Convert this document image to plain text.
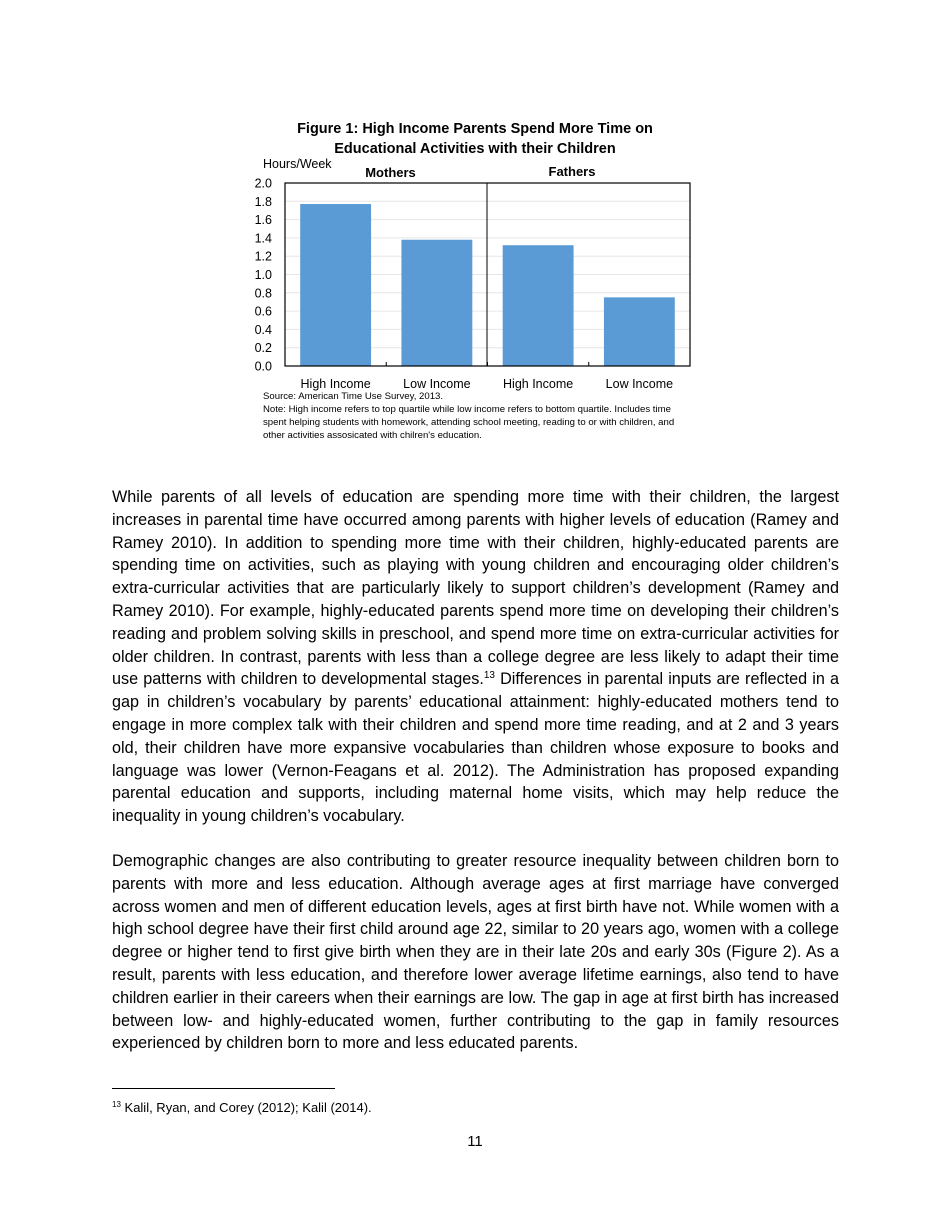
Figure 1: High Income Parents Spend More Time on
Educational Activities with their Children
Hours/Week
0.0
0.2
0.4
0.6
0.8
1.0
1.2
1.4
1.6
1.8
2.0
High Income	Low Income	High Income	Low Income
Mothers	Fathers
Source: American Time Use Survey, 2013.
Note: High income refers to top quartile while low income refers to bottom quartile. Includes time spent helping students with homework, attending school meeting, reading to or with children, and other activities assosicated with chilren's education.

While parents of all levels of education are spending more time with their children, the largest increases in parental time have occurred among parents with higher levels of education (Ramey and Ramey 2010). In addition to spending more time with their children, highly-educated parents are spending time on activities, such as playing with young children and encouraging older children’s extra-curricular activities that are particularly likely to support children’s development (Ramey and Ramey 2010). For example, highly-educated parents spend more time on developing their children’s reading and problem solving skills in preschool, and spend more time on extra-curricular activities for older children. In contrast, parents with less than a college degree are less likely to adapt their time use patterns with children to developmental stages.$^{13}$ Differences in parental inputs are reflected in a gap in children’s vocabulary by parents’ educational attainment: highly-educated mothers tend to engage in more complex talk with their children and spend more time reading, and at 2 and 3 years old, their children have more expansive vocabularies than children whose exposure to books and language was lower (Vernon-Feagans et al. 2012). The Administration has proposed expanding parental education and supports, including maternal home visits, which may help reduce the inequality in young children’s vocabulary.

Demographic changes are also contributing to greater resource inequality between children born to parents with more and less education. Although average ages at first marriage have converged across women and men of different education levels, ages at first birth have not. While women with a high school degree have their first child around age 22, similar to 20 years ago, women with a college degree or higher tend to first give birth when they are in their late 20s and early 30s (Figure 2). As a result, parents with less education, and therefore lower average lifetime earnings, also tend to have children earlier in their careers when their earnings are low. The gap in age at first birth has increased between low- and highly-educated women, further contributing to the gap in family resources experienced by children born to more and less educated parents.

$^{13}$ Kalil, Ryan, and Corey (2012); Kalil (2014).
11
